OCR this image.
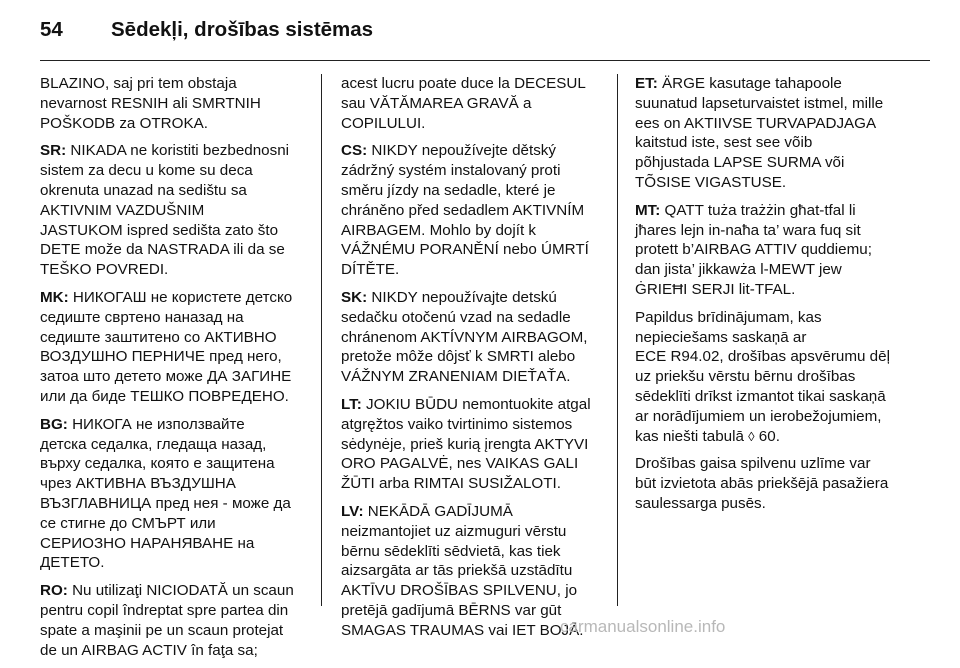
54 Sēdekļi, drošības sistēmas

BLAZINO, saj pri tem obstaja
nevarnost RESNIH ali SMRTNIH
POŠKODB za OTROKA.

SR: NIKADA ne koristiti bezbednosni
sistem za decu u kome su deca
okrenuta unazad na sedištu sa
AKTIVNIM VAZDUŠNIM
JASTUKOM ispred sedišta zato što
DETE može da NASTRADA ili da se
TEŠKO POVREDI.

MK: НИКОГАШ не користете детско
седиште свртено наназад на
седиште заштитено со АКТИВНО
ВОЗДУШНО ПЕРНИЧЕ пред него,
затоа што детето може ДА ЗАГИНЕ
или да биде ТЕШКО ПОВРЕДЕНО.

BG: НИКОГА не използвайте
детска седалка, гледаща назад,
върху седалка, която е защитена
чрез АКТИВНА ВЪЗДУШНА
ВЪЗГЛАВНИЦА пред нея - може да
се стигне до СМЪРТ или
СЕРИОЗНО НАРАНЯВАНЕ на
ДЕТЕТО.

RO: Nu utilizaţi NICIODATĂ un scaun
pentru copil îndreptat spre partea din
spate a maşinii pe un scaun protejat
de un AIRBAG ACTIV în faţa sa;

acest lucru poate duce la DECESUL
sau VĂTĂMAREA GRAVĂ a
COPILULUI.

CS: NIKDY nepoužívejte dětský
zádržný systém instalovaný proti
směru jízdy na sedadle, které je
chráněno před sedadlem AKTIVNÍM
AIRBAGEM. Mohlo by dojít k
VÁŽNÉMU PORANĚNÍ nebo ÚMRTÍ
DÍTĚTE.

SK: NIKDY nepoužívajte detskú
sedačku otočenú vzad na sedadle
chránenom AKTÍVNYM AIRBAGOM,
pretože môže dôjsť k SMRTI alebo
VÁŽNYM ZRANENIAM DIEŤAŤA.

LT: JOKIU BŪDU nemontuokite atgal
atgręžtos vaiko tvirtinimo sistemos
sėdynėje, prieš kurią įrengta AKTYVI
ORO PAGALVĖ, nes VAIKAS GALI
ŽŪTI arba RIMTAI SUSIŽALOTI.

LV: NEKĀDĀ GADĪJUMĀ
neizmantojiet uz aizmuguri vērstu
bērnu sēdeklīti sēdvietā, kas tiek
aizsargāta ar tās priekšā uzstādītu
AKTĪVU DROŠĪBAS SPILVENU, jo
pretējā gadījumā BĒRNS var gūt
SMAGAS TRAUMAS vai IET BOJĀ.

ET: ÄRGE kasutage tahapoole
suunatud lapseturvaistet istmel, mille
ees on AKTIIVSE TURVAPADJAGA
kaitstud iste, sest see võib
põhjustada LAPSE SURMA või
TÕSISE VIGASTUSE.

MT: QATT tuża trażżin għat-tfal li
jħares lejn in-naħa ta’ wara fuq sit
protett b’AIRBAG ATTIV quddiemu;
dan jista’ jikkawża l-MEWT jew
ĠRIEĦI SERJI lit-TFAL.

Papildus brīdinājumam, kas
nepieciešams saskaņā ar
ECE R94.02, drošības apsvērumu dēļ
uz priekšu vērstu bērnu drošības
sēdeklīti drīkst izmantot tikai saskaņā
ar norādījumiem un ierobežojumiem,
kas niešti tabulā ◊ 60.

Drošības gaisa spilvenu uzlīme var
būt izvietota abās priekšējā pasažiera
saulessarga pusēs.

carmanualsonline.info
